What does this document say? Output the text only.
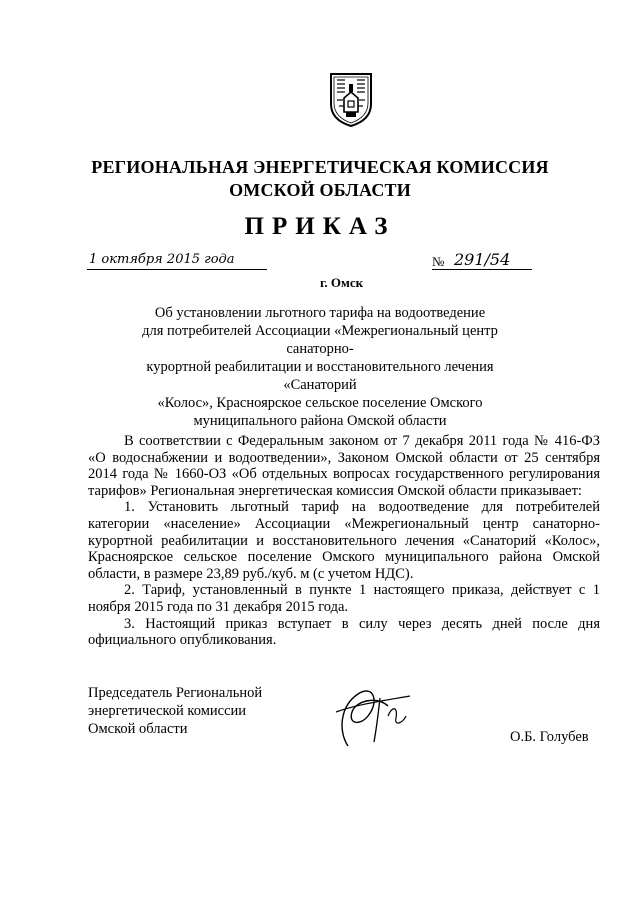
РЕГИОНАЛЬНАЯ ЭНЕРГЕТИЧЕСКАЯ КОМИССИЯ
ОМСКОЙ ОБЛАСТИ
ПРИКАЗ
1 октября 2015 года
г. Омск
№ 291/54
Об установлении льготного тарифа на водоотведение
для потребителей Ассоциации «Межрегиональный центр санаторно-
курортной реабилитации и восстановительного лечения «Санаторий
«Колос», Красноярское сельское поселение Омского
муниципального района Омской области

В соответствии с Федеральным законом от 7 декабря 2011 года № 416-ФЗ «О водоснабжении и водоотведении», Законом Омской области от 25 сентября 2014 года № 1660-ОЗ «Об отдельных вопросах государственного регулирования тарифов» Региональная энергетическая комиссия Омской области приказывает:

1. Установить льготный тариф на водоотведение для потребителей категории «население» Ассоциации «Межрегиональный центр санаторно-курортной реабилитации и восстановительного лечения «Санаторий «Колос», Красноярское сельское поселение Омского муниципального района Омской области, в размере 23,89 руб./куб. м (с учетом НДС).

2. Тариф, установленный в пункте 1 настоящего приказа, действует с 1 ноября 2015 года по 31 декабря 2015 года.

3. Настоящий приказ вступает в силу через десять дней после дня официального опубликования.

Председатель Региональной
энергетической комиссии
Омской области	О.Б. Голубев
